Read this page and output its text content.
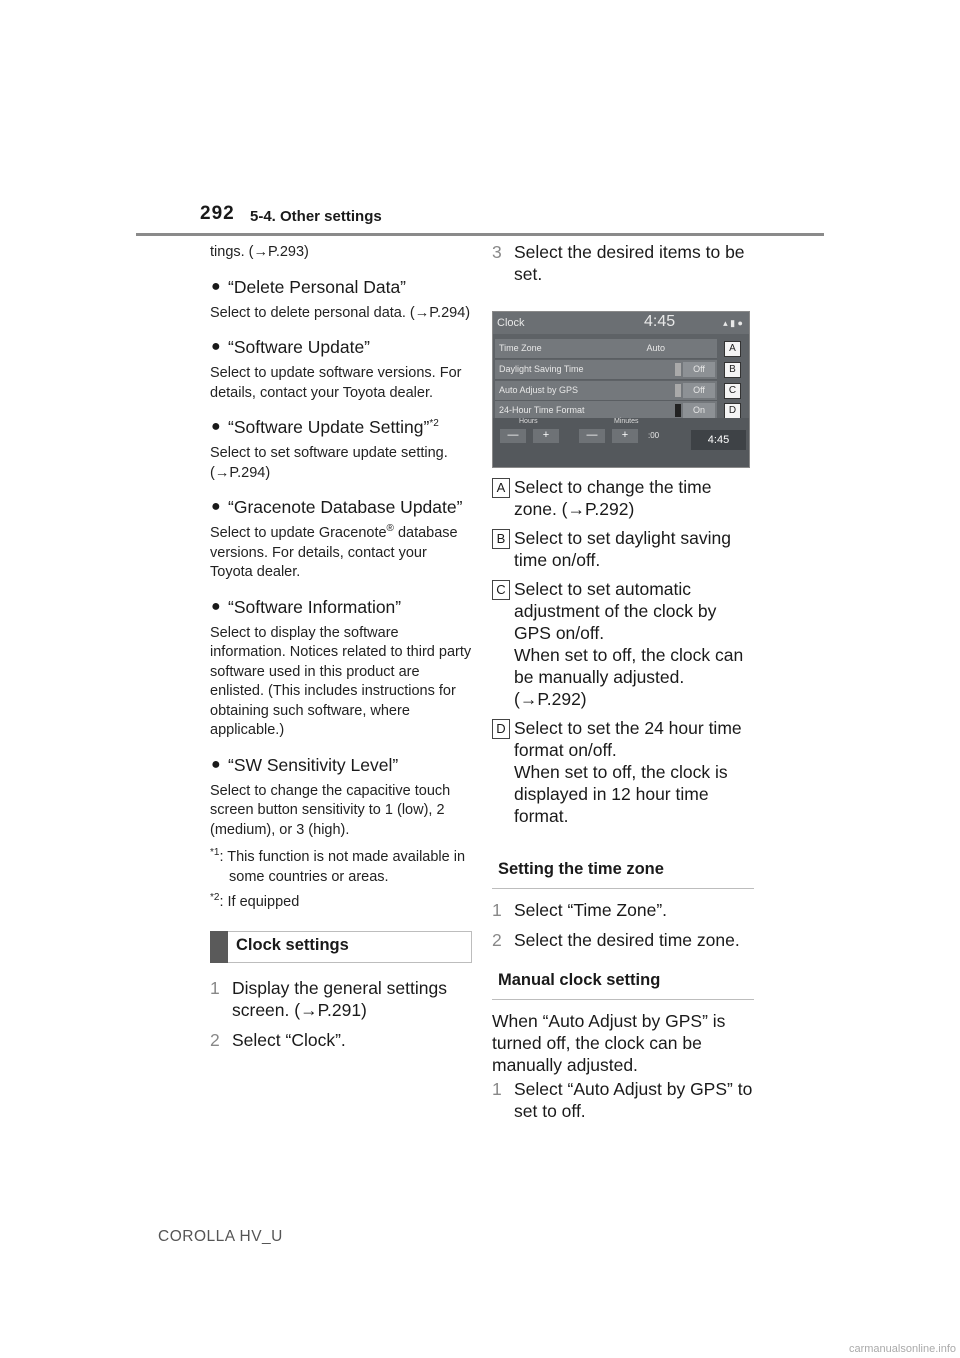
292 5-4. Other settings

tings. (→P.293)

● “Delete Personal Data”

Select to delete personal data. (→P.294)

● “Software Update”

Select to update software versions. For details, contact your Toyota dealer.

● “Software Update Setting”$^{*2}$

Select to set software update setting. (→P.294)

● “Gracenote Database Update”

Select to update Gracenote® database versions. For details, contact your Toyota dealer.

● “Software Information”

Select to display the software information. Notices related to third party software used in this product are enlisted. (This includes instructions for obtaining such software, where applicable.)

● “SW Sensitivity Level”

Select to change the capacitive touch screen button sensitivity to 1 (low), 2 (medium), or 3 (high).

$^{*1}$: This function is not made available in some countries or areas.

$^{*2}$: If equipped

Clock settings
1 Display the general settings screen. (→P.291)
2 Select “Clock”.
3 Select the desired items to be set.
Clock	4:45	▴ ▮ ●
Time Zone	Auto	A
Daylight Saving Time	Off	B
Auto Adjust by GPS	Off	C
24-Hour Time Format	On	D
Hours	Minutes
—	+	—	+	:00	4:45
A Select to change the time zone. (→P.292)
B Select to set daylight saving time on/off.
C Select to set automatic adjustment of the clock by GPS on/off.
When set to off, the clock can be manually adjusted. (→P.292)
D Select to set the 24 hour time format on/off.
When set to off, the clock is displayed in 12 hour time format.
Setting the time zone
1 Select “Time Zone”.
2 Select the desired time zone.
Manual clock setting

When “Auto Adjust by GPS” is turned off, the clock can be manually adjusted.

1 Select “Auto Adjust by GPS” to set to off.
COROLLA HV_U
carmanualsonline.info
